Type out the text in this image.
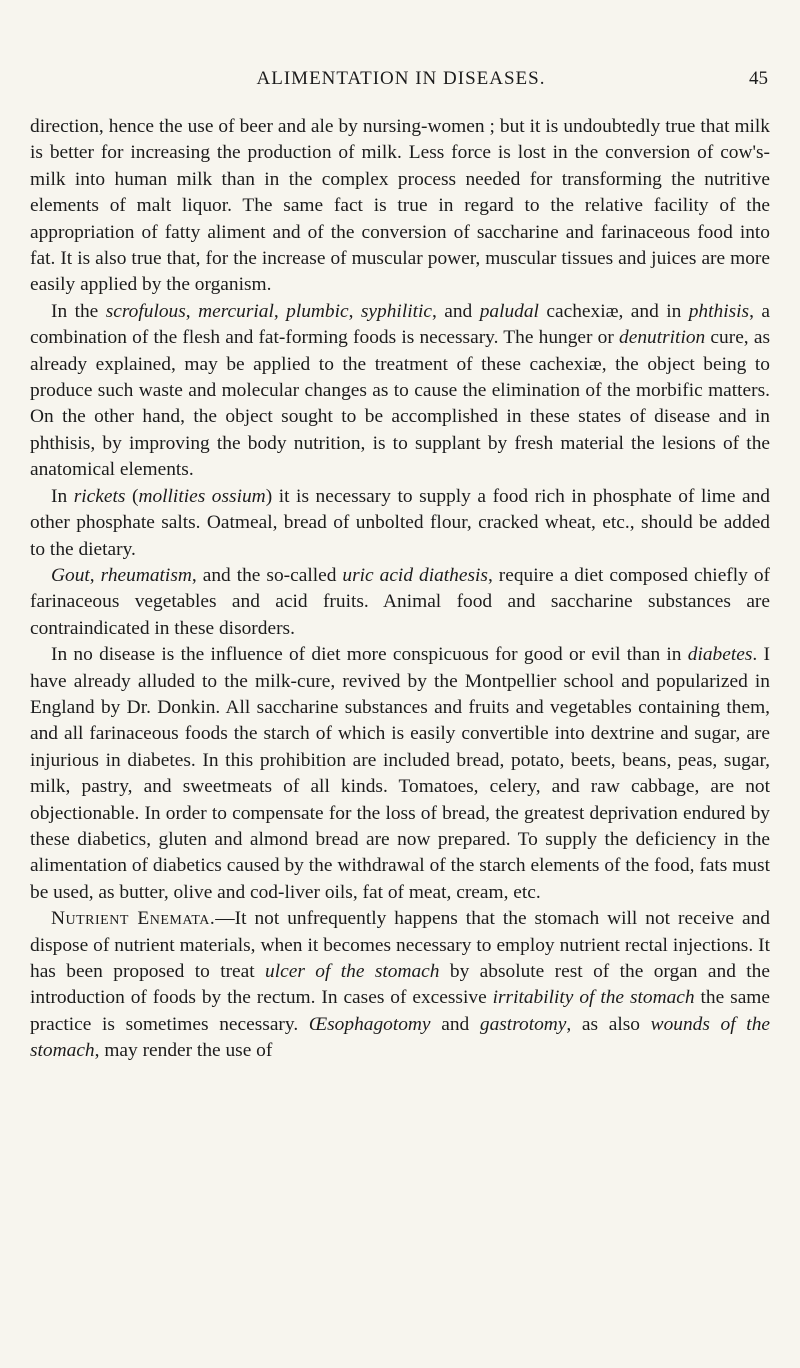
ALIMENTATION IN DISEASES.	45

direction, hence the use of beer and ale by nursing-women ; but it is undoubtedly true that milk is better for increasing the production of milk. Less force is lost in the conversion of cow's-milk into human milk than in the complex process needed for transforming the nutritive elements of malt liquor. The same fact is true in regard to the relative facility of the appropriation of fatty aliment and of the conversion of saccharine and farinaceous food into fat. It is also true that, for the increase of muscular power, muscular tissues and juices are more easily applied by the organism.

In the scrofulous, mercurial, plumbic, syphilitic, and paludal cachexiæ, and in phthisis, a combination of the flesh and fat-forming foods is necessary. The hunger or denutrition cure, as already explained, may be applied to the treatment of these cachexiæ, the object being to produce such waste and molecular changes as to cause the elimination of the morbific matters. On the other hand, the object sought to be accomplished in these states of disease and in phthisis, by improving the body nutrition, is to supplant by fresh material the lesions of the anatomical elements.

In rickets (mollities ossium) it is necessary to supply a food rich in phosphate of lime and other phosphate salts. Oatmeal, bread of unbolted flour, cracked wheat, etc., should be added to the dietary.

Gout, rheumatism, and the so-called uric acid diathesis, require a diet composed chiefly of farinaceous vegetables and acid fruits. Animal food and saccharine substances are contraindicated in these disorders.

In no disease is the influence of diet more conspicuous for good or evil than in diabetes. I have already alluded to the milk-cure, revived by the Montpellier school and popularized in England by Dr. Donkin. All saccharine substances and fruits and vegetables containing them, and all farinaceous foods the starch of which is easily convertible into dextrine and sugar, are injurious in diabetes. In this prohibition are included bread, potato, beets, beans, peas, sugar, milk, pastry, and sweetmeats of all kinds. Tomatoes, celery, and raw cabbage, are not objectionable. In order to compensate for the loss of bread, the greatest deprivation endured by these diabetics, gluten and almond bread are now prepared. To supply the deficiency in the alimentation of diabetics caused by the withdrawal of the starch elements of the food, fats must be used, as butter, olive and cod-liver oils, fat of meat, cream, etc.

Nutrient Enemata.—It not unfrequently happens that the stomach will not receive and dispose of nutrient materials, when it becomes necessary to employ nutrient rectal injections. It has been proposed to treat ulcer of the stomach by absolute rest of the organ and the introduction of foods by the rectum. In cases of excessive irritability of the stomach the same practice is sometimes necessary. Œsophagotomy and gastrotomy, as also wounds of the stomach, may render the use of
